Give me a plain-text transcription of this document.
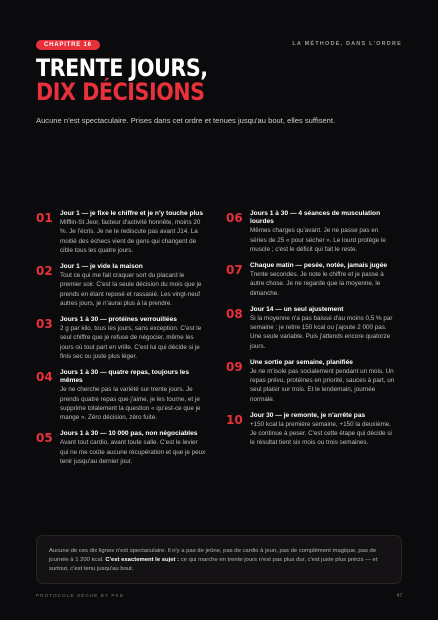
CHAPITRE 16	LA MÉTHODE, DANS L'ORDRE
TRENTE JOURS,
DIX DÉCISIONS

Aucune n'est spectaculaire. Prises dans cet ordre et tenues jusqu'au bout, elles suffisent.

01	Jour 1 — je fixe le chiffre et je n'y touche plus
Mifflin-St Jeor, facteur d'activité honnête, moins 20 %. Je l'écris. Je ne le rediscute pas avant J14. La moitié des échecs vient de gens qui changent de cible tous les quatre jours.
02	Jour 1 — je vide la maison
Tout ce qui me fait craquer sort du placard le premier soir. C'est la seule décision du mois que je prends en étant reposé et rassasié. Les vingt-neuf autres jours, je n'aurai plus à la prendre.
03	Jours 1 à 30 — protéines verrouillées
2 g par kilo, tous les jours, sans exception. C'est le seul chiffre que je refuse de négocier, même les jours où tout part en vrille. C'est lui qui décide si je finis sec ou juste plus léger.
04	Jours 1 à 30 — quatre repas, toujours les mêmes
Je ne cherche pas la variété sur trente jours. Je prends quatre repas que j'aime, je les tourne, et je supprime totalement la question « qu'est-ce que je mange ». Zéro décision, zéro fuite.
05	Jours 1 à 30 — 10 000 pas, non négociables
Avant tout cardio, avant toute salle. C'est le levier qui ne me coûte aucune récupération et que je peux tenir jusqu'au dernier jour.
06	Jours 1 à 30 — 4 séances de musculation lourdes
Mêmes charges qu'avant. Je ne passe pas en séries de 25 « pour sécher ». Le lourd protège le muscle ; c'est le déficit qui fait le reste.
07	Chaque matin — pesée, notée, jamais jugée
Trente secondes. Je note le chiffre et je passe à autre chose. Je ne regarde que la moyenne, le dimanche.
08	Jour 14 — un seul ajustement
Si la moyenne n'a pas baissé d'au moins 0,5 % par semaine : je retire 150 kcal ou j'ajoute 2 000 pas. Une seule variable. Puis j'attends encore quatorze jours.
09	Une sortie par semaine, planifiée
Je ne m'isole pas socialement pendant un mois. Un repas prévu, protéines en priorité, sauces à part, un seul plaisir sur trois. Et le lendemain, journée normale.
10	Jour 30 — je remonte, je n'arrête pas
+150 kcal la première semaine, +150 la deuxième. Je continue à peser. C'est cette étape qui décide si le résultat tient six mois ou trois semaines.
Aucune de ces dix lignes n'est spectaculaire. Il n'y a pas de jeûne, pas de cardio à jeun, pas de complément magique, pas de journée à 1 200 kcal. C'est exactement le sujet : ce qui marche en trente jours n'est pas plus dur, c'est juste plus précis — et surtout, c'est tenu jusqu'au bout.
PROTOCOLE SÈCHE BY PXD	47
